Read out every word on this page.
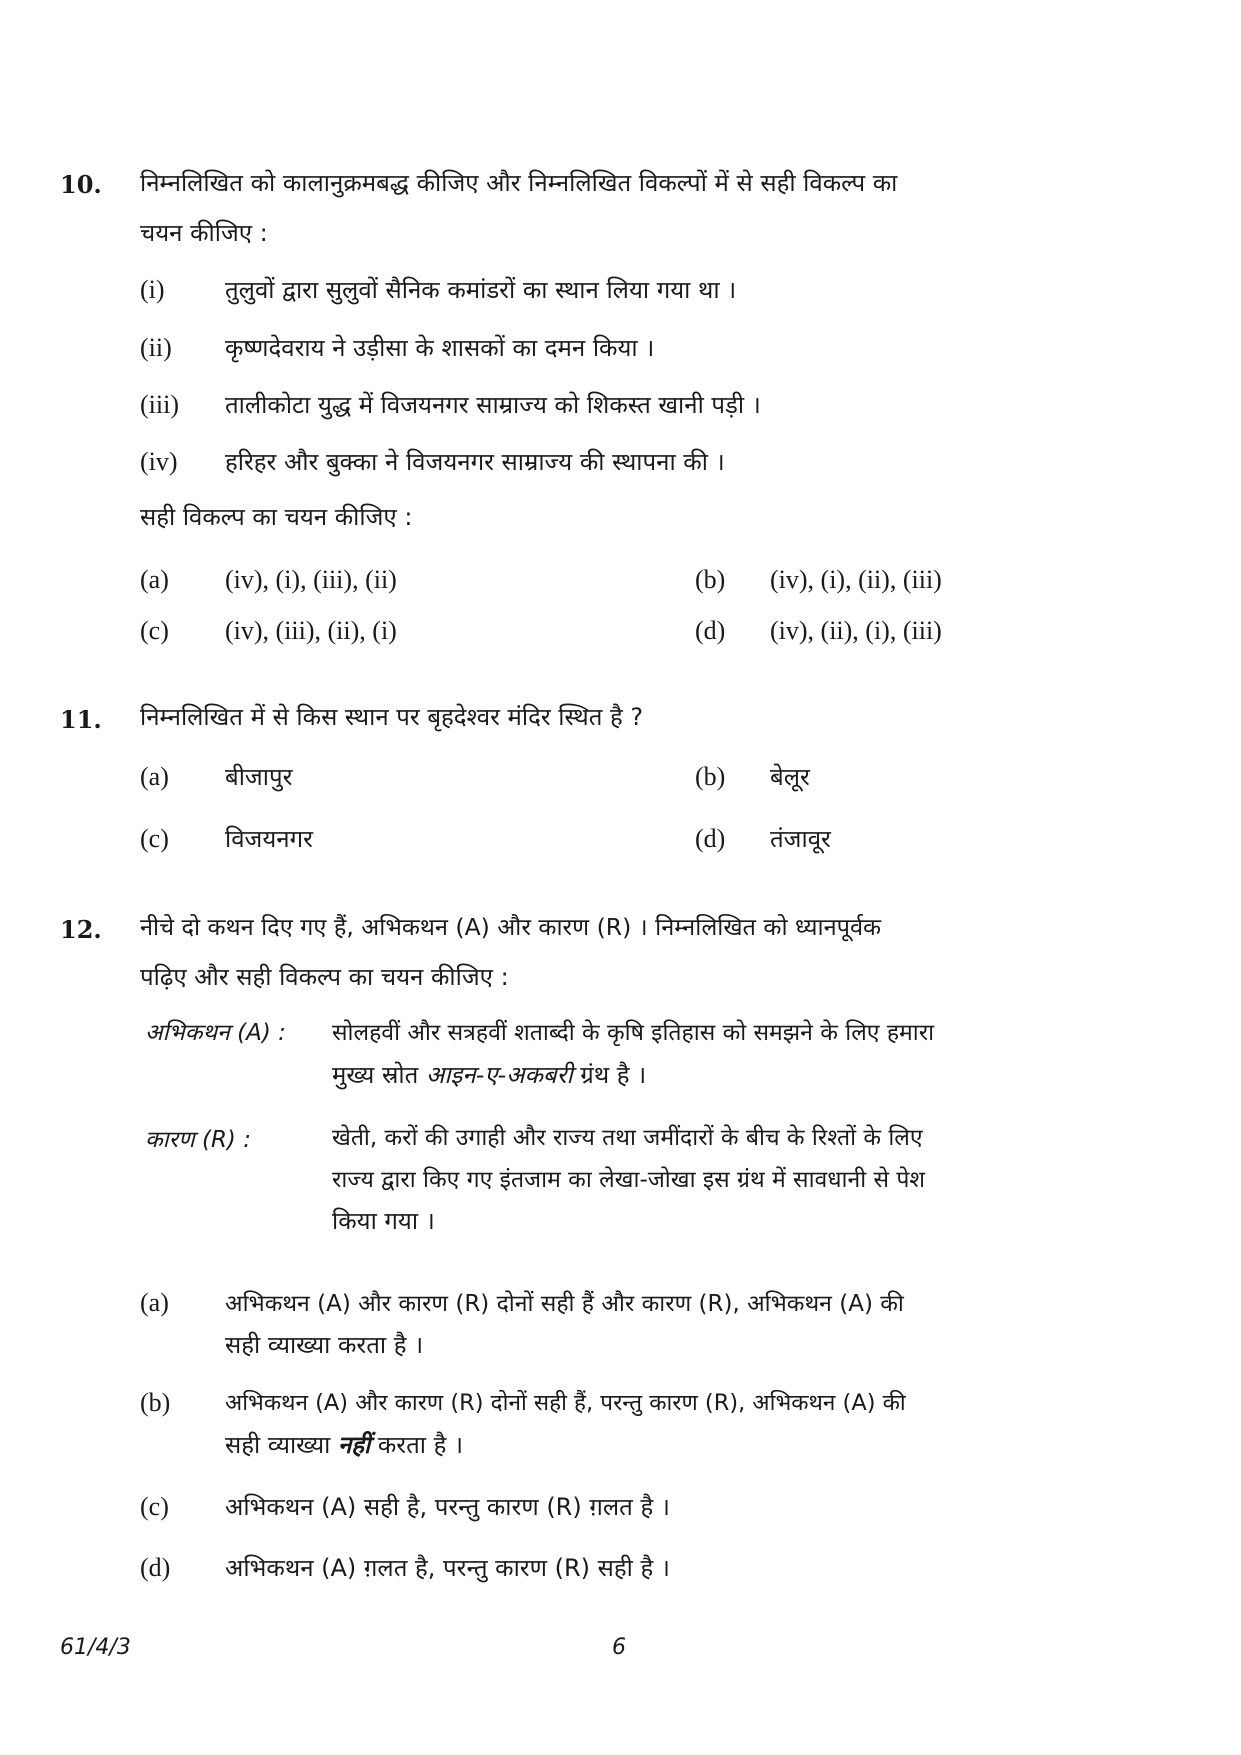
10. निम्नलिखित को कालानुक्रमबद्ध कीजिए और निम्नलिखित विकल्पों में से सही विकल्प का
चयन कीजिए :
(i)	तुलुवों द्वारा सुलुवों सैनिक कमांडरों का स्थान लिया गया था ।
(ii) कृष्णदेवराय ने उड़ीसा के शासकों का दमन किया ।
(iii) तालीकोटा युद्ध में विजयनगर साम्राज्य को शिकस्त खानी पड़ी ।
(iv) हरिहर और बुक्का ने विजयनगर साम्राज्य की स्थापना की ।
सही विकल्प का चयन कीजिए :
(a) (iv), (i), (iii), (ii)	(b) (iv), (i), (ii), (iii)
(c) (iv), (iii), (ii), (i)	(d) (iv), (ii), (i), (iii)
11. निम्नलिखित में से किस स्थान पर बृहदेश्वर मंदिर स्थित है ?
(a) बीजापुर	(b) बेलूर
(c) विजयनगर	(d) तंजावूर
12. नीचे दो कथन दिए गए हैं, अभिकथन (A) और कारण (R) । निम्नलिखित को ध्यानपूर्वक
पढ़िए और सही विकल्प का चयन कीजिए :
अभिकथन (A) : सोलहवीं और सत्रहवीं शताब्दी के कृषि इतिहास को समझने के लिए हमारा
मुख्य स्रोत आइन-ए-अकबरी ग्रंथ है ।
कारण (R) :	खेती, करों की उगाही और राज्य तथा जमींदारों के बीच के रिश्तों के लिए
राज्य द्वारा किए गए इंतजाम का लेखा-जोखा इस ग्रंथ में सावधानी से पेश
किया गया ।
(a) अभिकथन (A) और कारण (R) दोनों सही हैं और कारण (R), अभिकथन (A) की
सही व्याख्या करता है ।
(b) अभिकथन (A) और कारण (R) दोनों सही हैं, परन्तु कारण (R), अभिकथन (A) की
सही व्याख्या नहीं करता है ।
(c) अभिकथन (A) सही है, परन्तु कारण (R) ग़लत है ।
(d) अभिकथन (A) ग़लत है, परन्तु कारण (R) सही है ।
61/4/3	6
